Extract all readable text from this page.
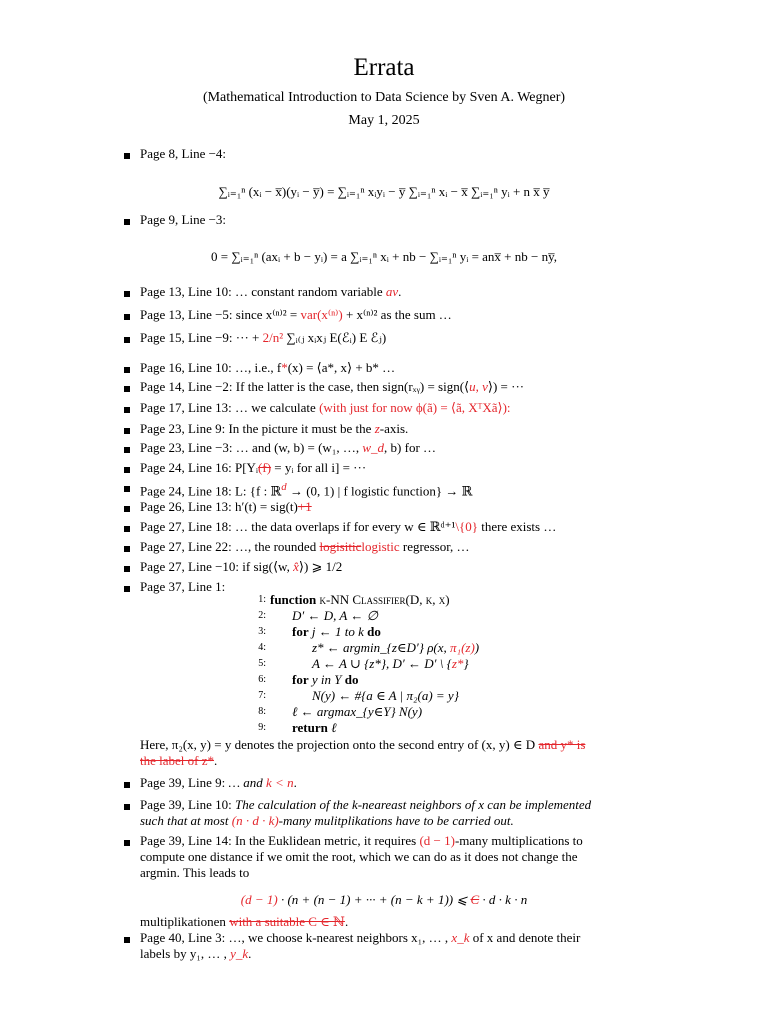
Errata
(Mathematical Introduction to Data Science by Sven A. Wegner)
May 1, 2025
Page 8, Line −4:
∑ᵢ₌₁ⁿ (xᵢ − x̅)(yᵢ − y̅) = ∑ᵢ₌₁ⁿ xᵢyᵢ − y̅ ∑ᵢ₌₁ⁿ xᵢ − x̅ ∑ᵢ₌₁ⁿ yᵢ + n x̅ y̅
Page 9, Line −3:
0 = ∑ᵢ₌₁ⁿ (axᵢ + b − yᵢ) = a ∑ᵢ₌₁ⁿ xᵢ + nb − ∑ᵢ₌₁ⁿ yᵢ = anx̅ + nb − ny̅,
Page 13, Line 10: … constant random variable av.
Page 13, Line −5: since x⁽ⁿ⁾² = var(x⁽ⁿ⁾) + x⁽ⁿ⁾² as the sum …
Page 15, Line −9: ··· + 2/n² ∑ᵢ₍ⱼ xᵢxⱼ E(ℰᵢ) E ℰⱼ)
Page 16, Line 10: …, i.e., f*(x) = ⟨a*, x⟩ + b* …
Page 14, Line −2: If the latter is the case, then sign(rₓᵧ) = sign(⟨u, v⟩) = ···
Page 17, Line 13: … we calculate (with just for now ϕ(ã) = ⟨ã, XᵀXã⟩):
Page 23, Line 9: In the picture it must be the z-axis.
Page 23, Line −3: … and (w, b) = (w₁, …, w_d, b) for …
Page 24, Line 16: P[Yᵢ(f) = yᵢ for all i] = ···
Page 24, Line 18: L: {f : ℝ$^d$ → (0, 1) | f logistic function} → ℝ
Page 26, Line 13: h′(t) = sig(t)+1
Page 27, Line 18: … the data overlaps if for every w ∈ ℝᵈ⁺¹\{0} there exists …
Page 27, Line 22: …, the rounded logisiticlogistic regressor, …
Page 27, Line −10: if sig(⟨w, x̂⟩) ⩾ 1/2
Page 37, Line 1:
1: function k-NN Classifier(D, k, x)
2: D′ ← D, A ← ∅
3: for j ← 1 to k do
4:	z* ← argmin_{z∈D′} ρ(x, π₁(z))
5:	A ← A ∪ {z*}, D′ ← D′ \ {z*}
6: for y in Y do
7:	N(y) ← #{a ∈ A | π₂(a) = y}
8: ℓ ← argmax_{y∈Y} N(y)
9: return ℓ
Here, π₂(x, y) = y denotes the projection onto the second entry of (x, y) ∈ D and y* is
the label of z*.
Page 39, Line 9: … and k < n.
Page 39, Line 10: The calculation of the k-neareast neighbors of x can be implemented
such that at most (n · d · k)-many mulitplikations have to be carried out.
Page 39, Line 14: In the Euklidean metric, it requires (d − 1)-many multiplications to
compute one distance if we omit the root, which we can do as it does not change the
argmin. This leads to
(d − 1) · (n + (n − 1) + ··· + (n − k + 1)) ⩽ C · d · k · n
multiplikationen with a suitable C ∈ ℕ.
Page 40, Line 3: …, we choose k-nearest neighbors x₁, … , x_k of x and denote their
labels by y₁, … , y_k.
